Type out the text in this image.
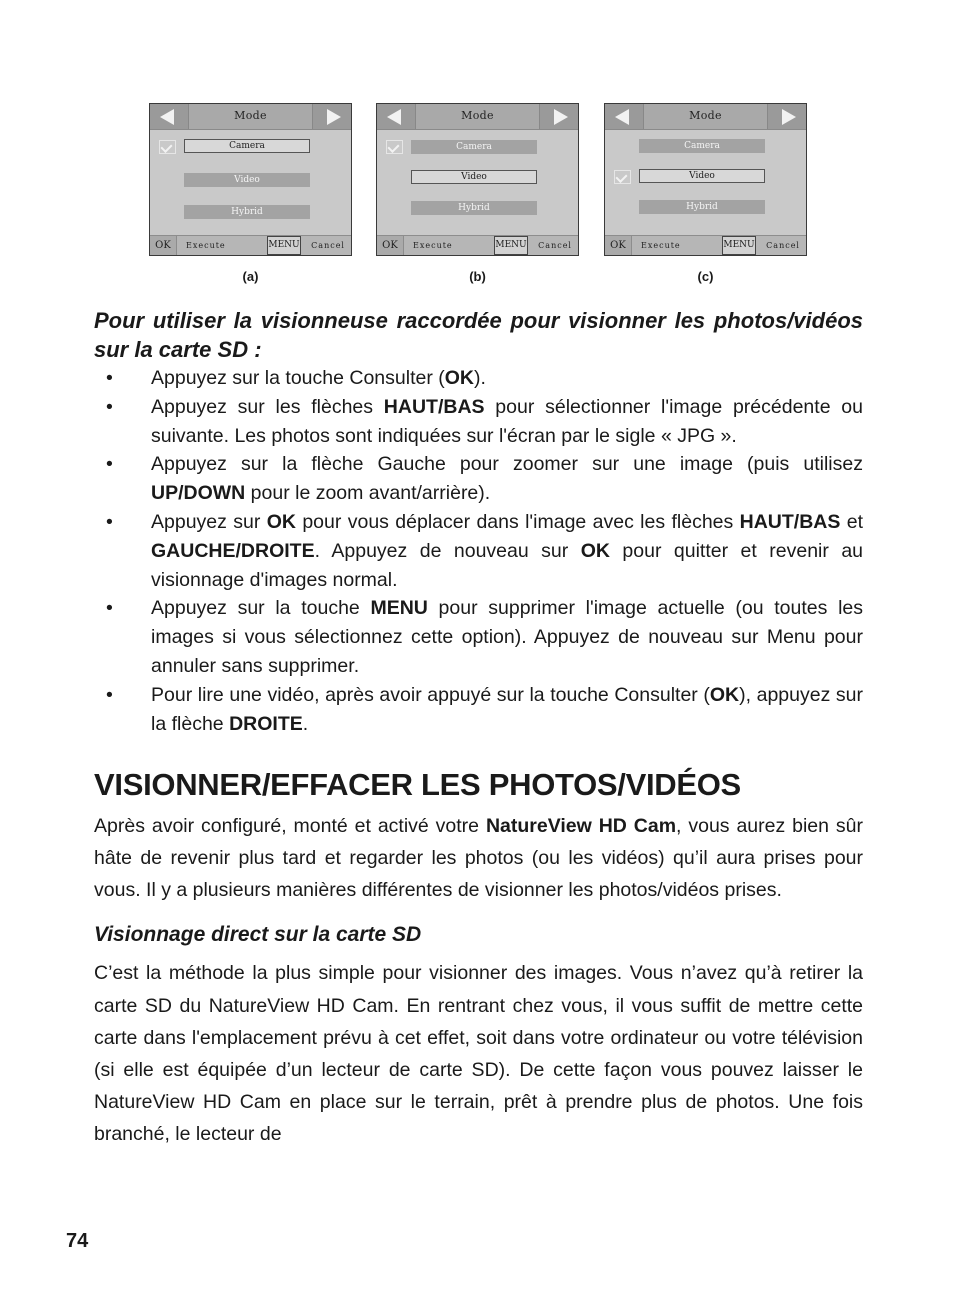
Mode
Camera
Video
Hybrid
OK	Execute	MENU Cancel
(a)
Mode
Camera
Video
Hybrid
OK	Execute	MENU Cancel
(b)
Mode
Camera
Video
Hybrid
OK	Execute	MENU Cancel
(c)

Pour utiliser la visionneuse raccordée pour visionner les photos/vidéos sur la carte SD :

• Appuyez sur la touche Consulter (OK).
• Appuyez sur les flèches HAUT/BAS pour sélectionner l'image précédente ou suivante. Les photos sont indiquées sur l'écran par le sigle « JPG ».
• Appuyez sur la flèche Gauche pour zoomer sur une image (puis utilisez UP/DOWN pour le zoom avant/arrière).
• Appuyez sur OK pour vous déplacer dans l'image avec les flèches HAUT/BAS et GAUCHE/DROITE. Appuyez de nouveau sur OK pour quitter et revenir au visionnage d'images normal.
• Appuyez sur la touche MENU pour supprimer l'image actuelle (ou toutes les images si vous sélectionnez cette option). Appuyez de nouveau sur Menu pour annuler sans supprimer.
• Pour lire une vidéo, après avoir appuyé sur la touche Consulter (OK), appuyez sur la flèche DROITE.
VISIONNER/EFFACER LES PHOTOS/VIDÉOS

Après avoir configuré, monté et activé votre NatureView HD Cam, vous aurez bien sûr hâte de revenir plus tard et regarder les photos (ou les vidéos) qu’il aura prises pour vous. Il y a plusieurs manières différentes de visionner les photos/vidéos prises.

Visionnage direct sur la carte SD

C’est la méthode la plus simple pour visionner des images. Vous n’avez qu’à retirer la carte SD du NatureView HD Cam. En rentrant chez vous, il vous suffit de mettre cette carte dans l'emplacement prévu à cet effet, soit dans votre ordinateur ou votre télévision (si elle est équipée d’un lecteur de carte SD). De cette façon vous pouvez laisser le NatureView HD Cam en place sur le terrain, prêt à prendre plus de photos. Une fois branché, le lecteur de

74
